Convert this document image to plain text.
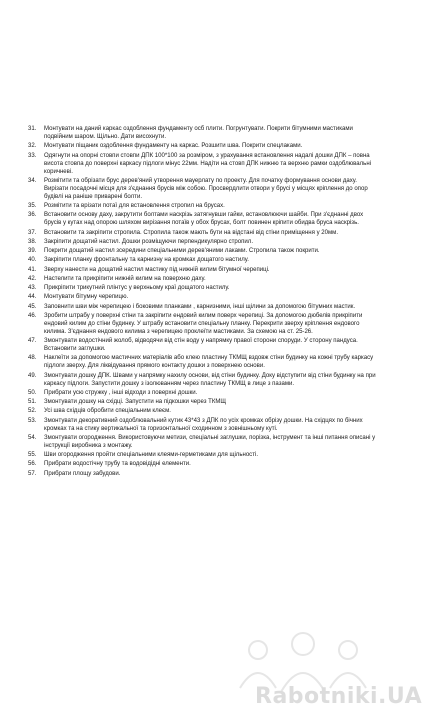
31.	Монтувати на даний каркас оздоблення фундаменту осб плити. Погрунтувати. Покрити бітумними мастиками подвійним шаром. Щільно. Дати висохнути.
32.	Монтувати піщаник оздоблення фундаменту на каркас. Розшити шва. Покрити спецлаками.
33.	Одягнути на опорні стовпи стовпи ДПК 100*100 за розміром, з урахування встановлення надалі дошки ДПК – повна висота стовпа до поверхні каркасу підлоги мінус 22мм. Надіти на стовп ДПК нижню та верхню рамки оздоблювальні коричневі.
34.	Розмітити та обрізати брус дерев'яний утворення мауерлату по проекту. Для початку формування основи даху. Вирізати посадочні місця для з'єднання брусів між собою. Просвердлити отвори у брусі у місцях кріплення до опор будівлі на раніше приварені болти.
35.	Розмітити та врізати потаї для встановлення стропил на брусах.
36.	Встановити основу даху, закрутити болтами наскрізь затягнувши гайки, встановлюючи шайби. При з'єднанні двох брусів у кутах над опорою шляхом вирізання потаїв у обох брусах, болт повинен кріпити обидва бруса наскрізь.
37.	Встановити та закріпити стропила. Стропила також мають бути на відстані від стіни приміщення у 20мм.
38.	Закріпити дощатий настил. Дошки розміщуючи перпендикулярно стропил.
39.	Покрити дощатий настил зсередини спеціальними дерев'яними лаками. Стропила також покрити.
40.	Закріпити планку фронтальну та карнизну на кромках дощатого настилу.
41.	Зверху нанести на дощатий настил мастику під нижній килим бітумної черепиці.
42.	Настелити та прикріпити нижній килим на поверхню даху.
43.	Прикріпити трикутний плінтус у верхньому краї дощатого настилу.
44.	Монтувати бітумну черепицю.
45.	Заповнити шви між черепицею і боковими планками , карнизними, інші щілини за допомогою бітумних мастик.
46.	Зробити штрабу у поверхні стіни та закріпити ендовий килим поверх черепиці. За допомогою дюбелів прикріпити ендовий килим до стіни будинку. У штрабу встановити спеціальну планку. Перекрити зверху кріплення ендового килима. З'єднання ендового килима з черепицею проклеїти мастиками. За схемою на ст. 25-26.
47.	Змонтувати водостічний жолоб, відводячи від стін воду у напрямку правої сторони споруди. У сторону пандуса. Встановити заглушки.
48.	Наклеїти за допомогою мастичних матеріалів або клею пластину ТКМЩ вздовж стіни будинку на кожні трубу каркасу підлоги зверху. Для ліквідування прямого контакту дошки з поверхнею основи.
49.	Змонтувати дошку ДПК. Швами у напрямку нахилу основи, від стіни будинку. Доку відступити від стіни будинку на при каркасу підлоги. Запустити дошку з ізолюванням через пластину ТКМЩ в лице з пазами.
50.	Прибрати усю стружку , інші відходи з поверхні дошки.
51.	Змонтувати дошку на східці. Запустити на підкошки через ТКМЩ
52.	Усі шва східців обробити спеціальним клеєм.
53.	Змонтувати декоративний оздоблювальний кутик 43*43 з ДПК по усіх кромках обрізу дошки. На східцях по бічних кромках та на стику вертикальної та горизонтальної сходинном з зовнішньому куті.
54.	Змонтувати огородження. Використовуючи метизи, спеціальні заглушки, порізка, інструмент та інші питання описані у інструкції виробника з монтажу.
55.	Шви огородження пройти спеціальними клеями-герметиками для щільності.
56.	Прибрати водостічну трубу та водовідідні елементи.
57.	Прибрати площу забудови.
Rabotniki.UA
